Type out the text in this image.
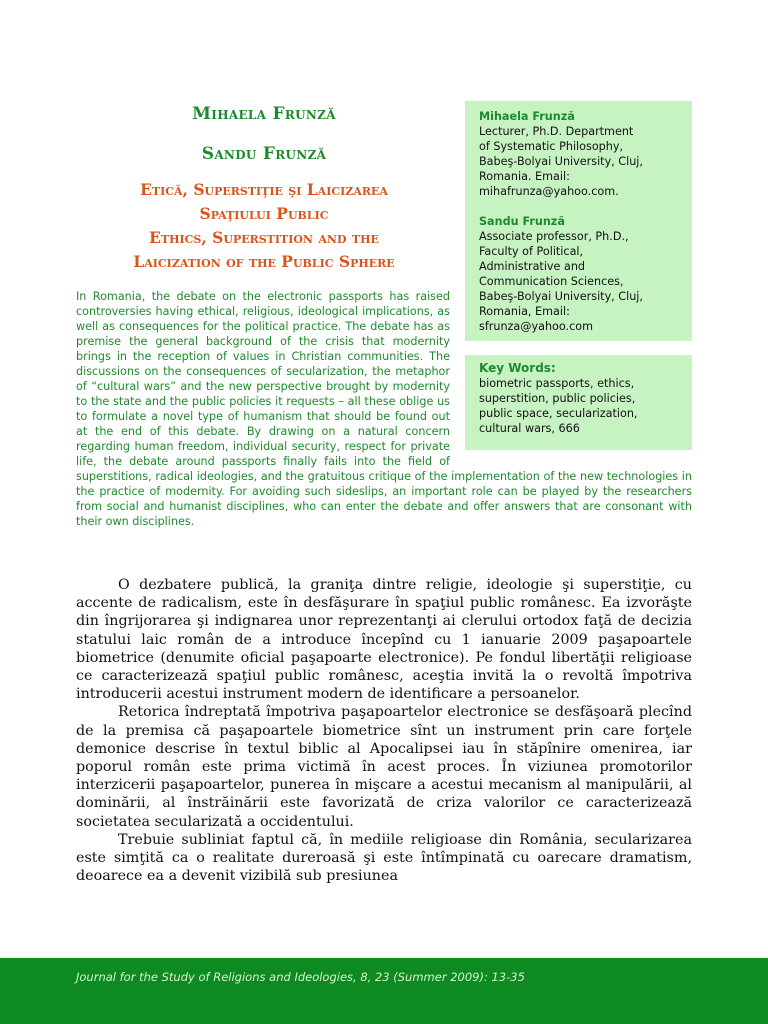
Mihaela Frunză
Sandu Frunză
Etică, Superstiţie şi Laicizarea
Spaţiului Public
Ethics, Superstition and the
Laicization of the Public Sphere
Mihaela Frunză
Lecturer, Ph.D. Department
of Systematic Philosophy,
Babeş-Bolyai University, Cluj,
Romania. Email:
mihafrunza@yahoo.com.
Sandu Frunză
Associate professor, Ph.D.,
Faculty of Political,
Administrative and
Communication Sciences,
Babeş-Bolyai University, Cluj,
Romania, Email:
sfrunza@yahoo.com
Key Words:
biometric passports, ethics,
superstition, public policies,
public space, secularization,
cultural wars, 666
In Romania, the debate on the electronic passports has raised controversies having ethical, religious, ideological implications, as well as consequences for the political practice. The debate has as premise the general background of the crisis that modernity brings in the reception of values in Christian communities. The discussions on the consequences of secularization, the metaphor of “cultural wars” and the new perspective brought by modernity to the state and the public policies it requests – all these oblige us to formulate a novel type of humanism that should be found out at the end of this debate. By drawing on a natural concern regarding human freedom, individual security, respect for private life, the debate around passports finally fails into the field of superstitions, radical ideologies, and the gratuitous critique of the implementation of the new technologies in the practice of modernity. For avoiding such sideslips, an important role can be played by the researchers from social and humanist disciplines, who can enter the debate and offer answers that are consonant with their own disciplines.

O dezbatere publică, la graniţa dintre religie, ideologie şi superstiţie, cu accente de radicalism, este în desfăşurare în spaţiul public românesc. Ea izvorăşte din îngrijorarea şi indignarea unor reprezentanţi ai clerului ortodox faţă de decizia statului laic român de a introduce începînd cu 1 ianuarie 2009 paşapoartele biometrice (denumite oficial paşapoarte electronice). Pe fondul libertăţii religioase ce caracterizează spaţiul public românesc, aceştia invită la o revoltă împotriva introducerii acestui instrument modern de identificare a persoanelor.

Retorica îndreptată împotriva paşapoartelor electronice se desfăşoară plecînd de la premisa că paşapoartele biometrice sînt un instrument prin care forţele demonice descrise în textul biblic al Apocalipsei iau în stăpînire omenirea, iar poporul român este prima victimă în acest proces. În viziunea promotorilor interzicerii paşapoartelor, punerea în mişcare a acestui mecanism al manipulării, al dominării, al înstrăinării este favorizată de criza valorilor ce caracterizează societatea secularizată a occidentului.

Trebuie subliniat faptul că, în mediile religioase din România, secularizarea este simţită ca o realitate dureroasă şi este întîmpinată cu oarecare dramatism, deoarece ea a devenit vizibilă sub presiunea

Journal for the Study of Religions and Ideologies, 8, 23 (Summer 2009): 13-35
